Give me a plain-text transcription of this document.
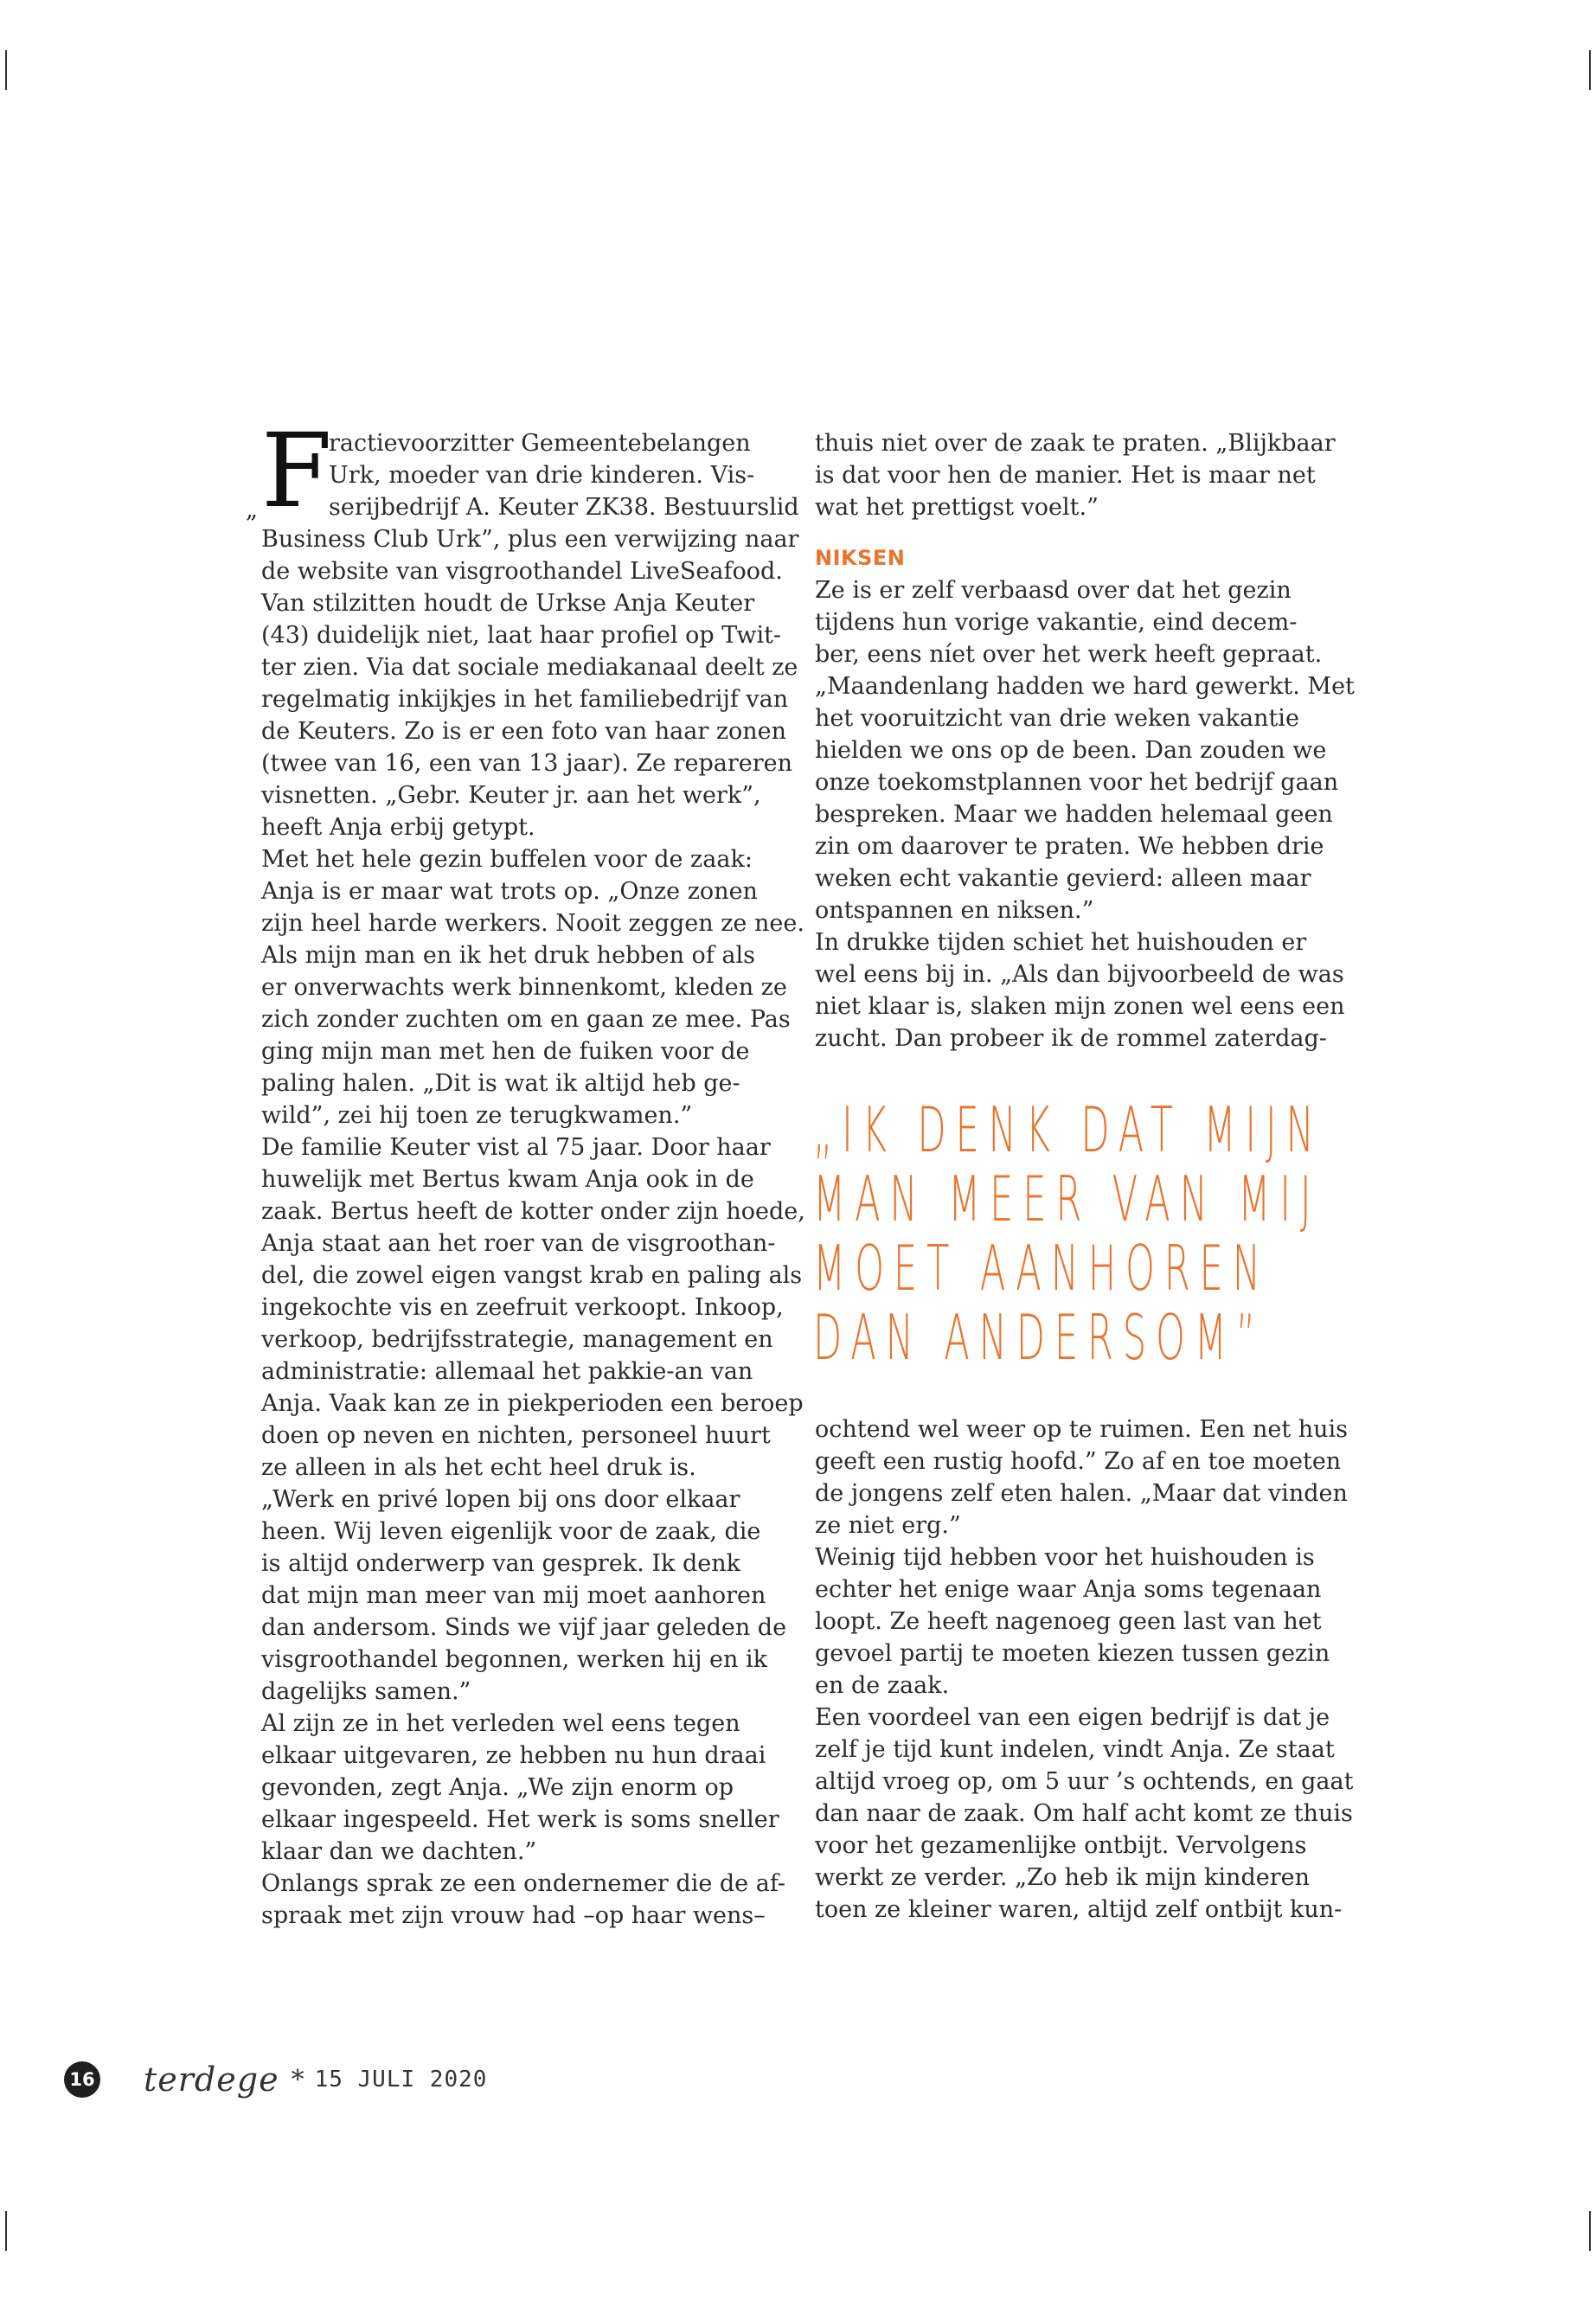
F
„

ractievoorzitter Gemeentebelangen
Urk, moeder van drie kinderen. Vis-
serijbedrijf A. Keuter ZK38. Bestuurslid
Business Club Urk”, plus een verwijzing naar
de website van visgroothandel LiveSeafood.
Van stilzitten houdt de Urkse Anja Keuter
(43) duidelijk niet, laat haar profiel op Twit-
ter zien. Via dat sociale mediakanaal deelt ze
regelmatig inkijkjes in het familiebedrijf van
de Keuters. Zo is er een foto van haar zonen
(twee van 16, een van 13 jaar). Ze repareren
visnetten. „Gebr. Keuter jr. aan het werk”,
heeft Anja erbij getypt.
Met het hele gezin buffelen voor de zaak:
Anja is er maar wat trots op. „Onze zonen
zijn heel harde werkers. Nooit zeggen ze nee.
Als mijn man en ik het druk hebben of als
er onverwachts werk binnenkomt, kleden ze
zich zonder zuchten om en gaan ze mee. Pas
ging mijn man met hen de fuiken voor de
paling halen. „Dit is wat ik altijd heb ge-
wild”, zei hij toen ze terugkwamen.”
De familie Keuter vist al 75 jaar. Door haar
huwelijk met Bertus kwam Anja ook in de
zaak. Bertus heeft de kotter onder zijn hoede,
Anja staat aan het roer van de visgroothan-
del, die zowel eigen vangst krab en paling als
ingekochte vis en zeefruit verkoopt. Inkoop,
verkoop, bedrijfsstrategie, management en
administratie: allemaal het pakkie-an van
Anja. Vaak kan ze in piekperioden een beroep
doen op neven en nichten, personeel huurt
ze alleen in als het echt heel druk is.
„Werk en privé lopen bij ons door elkaar
heen. Wij leven eigenlijk voor de zaak, die
is altijd onderwerp van gesprek. Ik denk
dat mijn man meer van mij moet aanhoren
dan andersom. Sinds we vijf jaar geleden de
visgroothandel begonnen, werken hij en ik
dagelijks samen.”
Al zijn ze in het verleden wel eens tegen
elkaar uitgevaren, ze hebben nu hun draai
gevonden, zegt Anja. „We zijn enorm op
elkaar ingespeeld. Het werk is soms sneller
klaar dan we dachten.”
Onlangs sprak ze een ondernemer die de af-
spraak met zijn vrouw had –op haar wens–

thuis niet over de zaak te praten. „Blijkbaar
is dat voor hen de manier. Het is maar net
wat het prettigst voelt.”

NIKSEN

Ze is er zelf verbaasd over dat het gezin
tijdens hun vorige vakantie, eind decem-
ber, eens níet over het werk heeft gepraat.
„Maandenlang hadden we hard gewerkt. Met
het vooruitzicht van drie weken vakantie
hielden we ons op de been. Dan zouden we
onze toekomstplannen voor het bedrijf gaan
bespreken. Maar we hadden helemaal geen
zin om daarover te praten. We hebben drie
weken echt vakantie gevierd: alleen maar
ontspannen en niksen.”
In drukke tijden schiet het huishouden er
wel eens bij in. „Als dan bijvoorbeeld de was
niet klaar is, slaken mijn zonen wel eens een
zucht. Dan probeer ik de rommel zaterdag-

„IK DENK DAT MIJN
MAN MEER VAN MIJ
MOET AANHOREN
DAN ANDERSOM”

ochtend wel weer op te ruimen. Een net huis
geeft een rustig hoofd.” Zo af en toe moeten
de jongens zelf eten halen. „Maar dat vinden
ze niet erg.”
Weinig tijd hebben voor het huishouden is
echter het enige waar Anja soms tegenaan
loopt. Ze heeft nagenoeg geen last van het
gevoel partij te moeten kiezen tussen gezin
en de zaak.
Een voordeel van een eigen bedrijf is dat je
zelf je tijd kunt indelen, vindt Anja. Ze staat
altijd vroeg op, om 5 uur ’s ochtends, en gaat
dan naar de zaak. Om half acht komt ze thuis
voor het gezamenlijke ontbijt. Vervolgens
werkt ze verder. „Zo heb ik mijn kinderen
toen ze kleiner waren, altijd zelf ontbijt kun-

16 terdege * 15 JULI 2020
